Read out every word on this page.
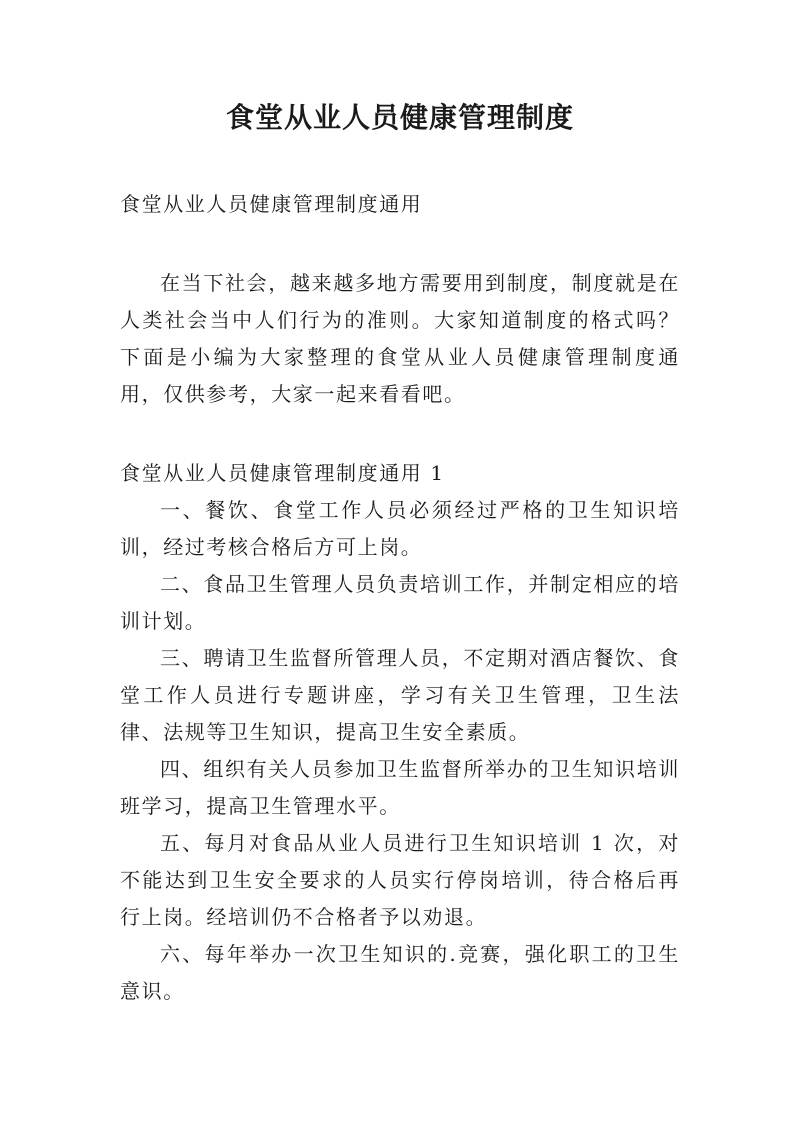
食堂从业人员健康管理制度

食堂从业人员健康管理制度通用

在当下社会，越来越多地方需要用到制度，制度就是在人类社会当中人们行为的准则。大家知道制度的格式吗？下面是小编为大家整理的食堂从业人员健康管理制度通用，仅供参考，大家一起来看看吧。

食堂从业人员健康管理制度通用 1

一、餐饮、食堂工作人员必须经过严格的卫生知识培训，经过考核合格后方可上岗。

二、食品卫生管理人员负责培训工作，并制定相应的培训计划。

三、聘请卫生监督所管理人员，不定期对酒店餐饮、食堂工作人员进行专题讲座，学习有关卫生管理，卫生法律、法规等卫生知识，提高卫生安全素质。

四、组织有关人员参加卫生监督所举办的卫生知识培训班学习，提高卫生管理水平。

五、每月对食品从业人员进行卫生知识培训 1 次，对不能达到卫生安全要求的人员实行停岗培训，待合格后再行上岗。经培训仍不合格者予以劝退。

六、每年举办一次卫生知识的.竞赛，强化职工的卫生意识。
